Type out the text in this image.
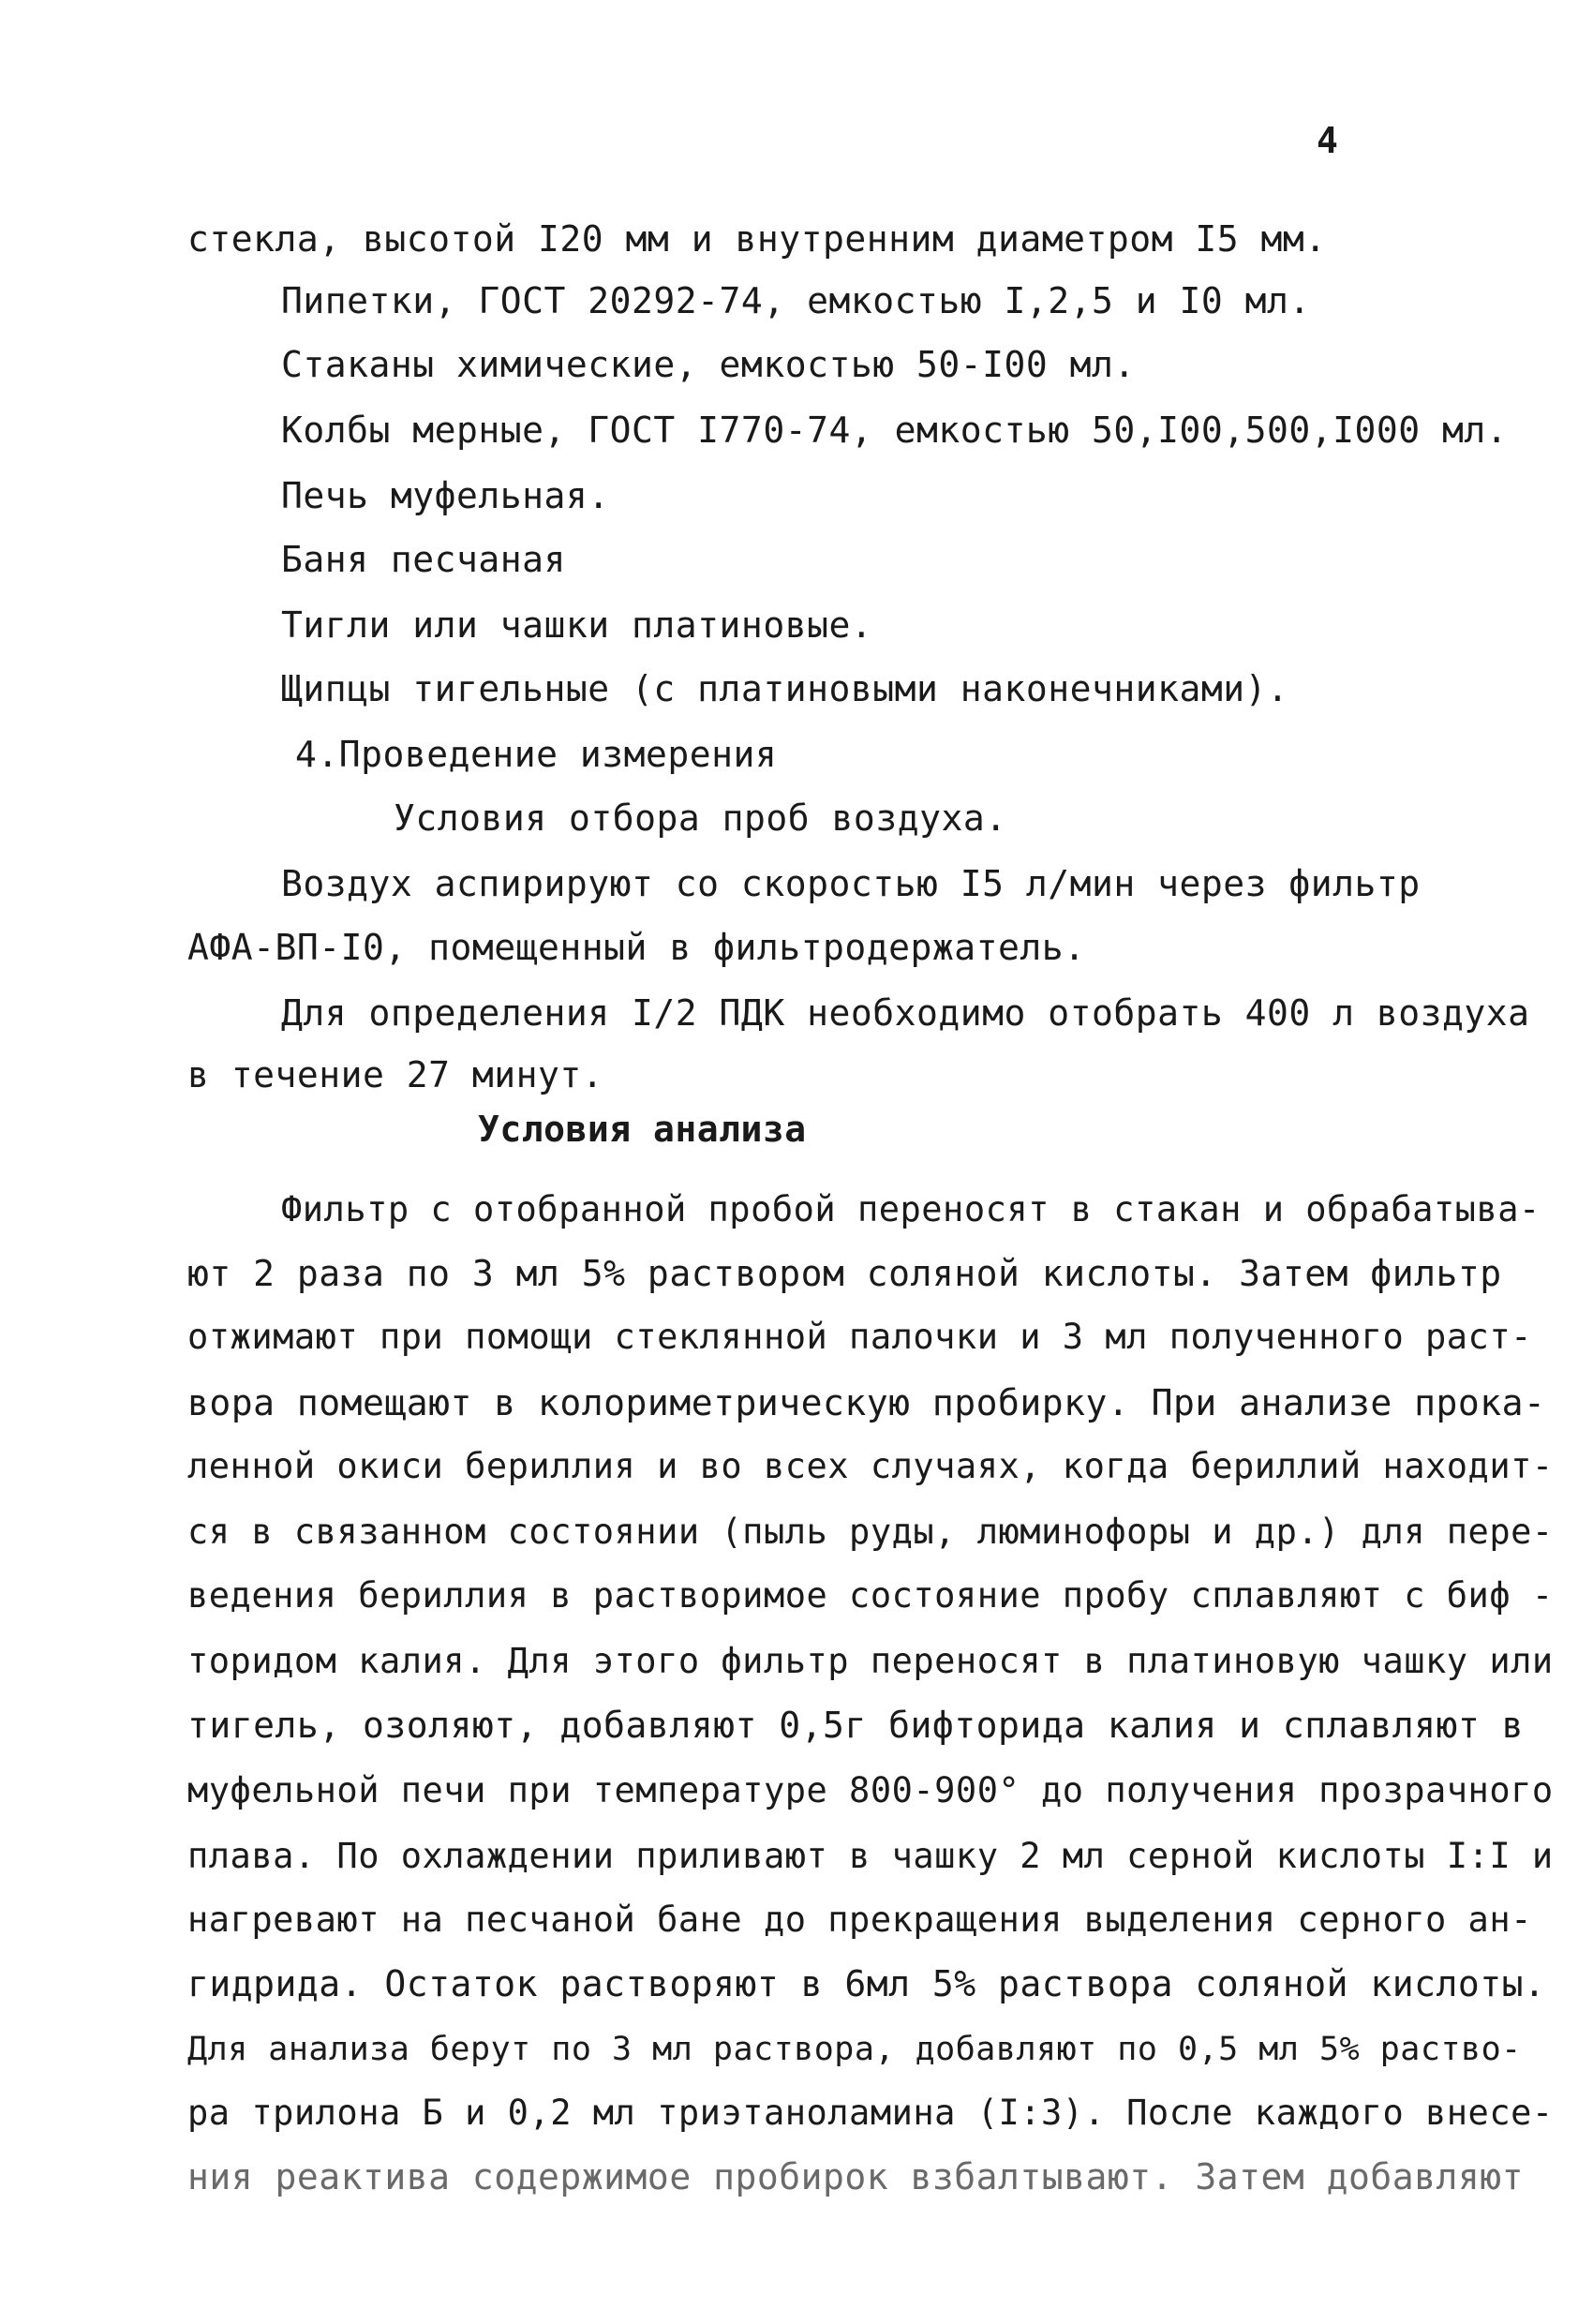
4
стекла, высотой I20 мм и внутренним диаметром I5 мм.
Пипетки, ГОСТ 20292-74, емкостью I,2,5 и I0 мл.
Стаканы химические, емкостью 50-I00 мл.
Колбы мерные, ГОСТ I770-74, емкостью 50,I00,500,I000 мл.
Печь муфельная.
Баня песчаная
Тигли или чашки платиновые.
Щипцы тигельные (с платиновыми наконечниками).
4.Проведение измерения
Условия отбора проб воздуха.
Воздух аспирируют со скоростью I5 л/мин через фильтр
АФА-ВП-I0, помещенный в фильтродержатель.
Для определения I/2 ПДК необходимо отобрать 400 л воздуха
в течение 27 минут.
Условия анализа
Фильтр с отобранной пробой переносят в стакан и обрабатыва-
ют 2 раза по 3 мл 5% раствором соляной кислоты. Затем фильтр
отжимают при помощи стеклянной палочки и 3 мл полученного раст-
вора помещают в колориметрическую пробирку. При анализе прока-
ленной окиси бериллия и во всех случаях, когда бериллий находит-
ся в связанном состоянии (пыль руды, люминофоры и др.) для пере-
ведения бериллия в растворимое состояние пробу сплавляют с биф -
торидом калия. Для этого фильтр переносят в платиновую чашку или
тигель, озоляют, добавляют 0,5г бифторида калия и сплавляют в
муфельной печи при температуре 800-900° до получения прозрачного
плава. По охлаждении приливают в чашку 2 мл серной кислоты I:I и
нагревают на песчаной бане до прекращения выделения серного ан-
гидрида. Остаток растворяют в 6мл 5% раствора соляной кислоты.
Для анализа берут по 3 мл раствора, добавляют по 0,5 мл 5% раство-
ра трилона Б и 0,2 мл триэтаноламина (I:3). После каждого внесе-
ния реактива содержимое пробирок взбалтывают. Затем добавляют
